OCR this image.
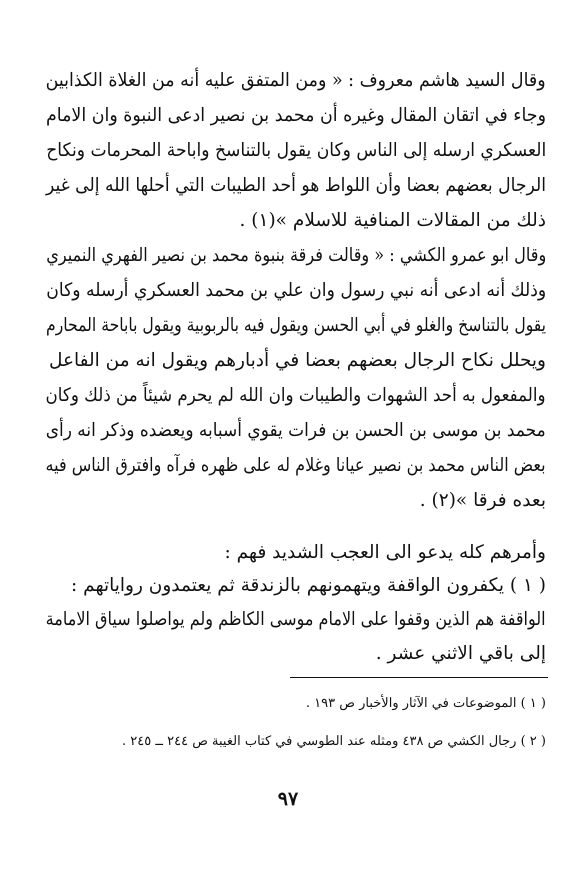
وقال السيد هاشم معروف : « ومن المتفق عليه أنه من الغلاة الكذابين
وجاء في اتقان المقال وغيره أن محمد بن نصير ادعى النبوة وان الامام
العسكري ارسله إلى الناس وكان يقول بالتناسخ واباحة المحرمات ونكاح
الرجال بعضهم بعضا وأن اللواط هو أحد الطيبات التي أحلها الله إلى غير
ذلك من المقالات المنافية للاسلام »(١) .
وقال ابو عمرو الكشي : « وقالت فرقة بنبوة محمد بن نصير الفهري النميري
وذلك أنه ادعى أنه نبي رسول وان علي بن محمد العسكري أرسله وكان
يقول بالتناسخ والغلو في أبي الحسن ويقول فيه بالربوبية ويقول باباحة المحارم
ويحلل نكاح الرجال بعضهم بعضا في أدبارهم ويقول انه من الفاعل
والمفعول به أحد الشهوات والطيبات وان الله لم يحرم شيئاً من ذلك وكان
محمد بن موسى بن الحسن بن فرات يقوي أسبابه ويعضده وذكر انه رأى
بعض الناس محمد بن نصير عيانا وغلام له على ظهره فرآه وافترق الناس فيه
بعده فرقا »(٢) .
وأمرهم كله يدعو الى العجب الشديد فهم :
( ١ ) يكفرون الواقفة ويتهمونهم بالزندقة ثم يعتمدون رواياتهم :
الواقفة هم الذين وقفوا على الامام موسى الكاظم ولم يواصلوا سياق الامامة
إلى باقي الاثني عشر .
( ١ ) الموضوعات في الآثار والأخبار ص ١٩٣ .
( ٢ ) رجال الكشي ص ٤٣٨ ومثله عند الطوسي في كتاب الغيبة ص ٢٤٤ ــ ٢٤٥ .
٩٧
